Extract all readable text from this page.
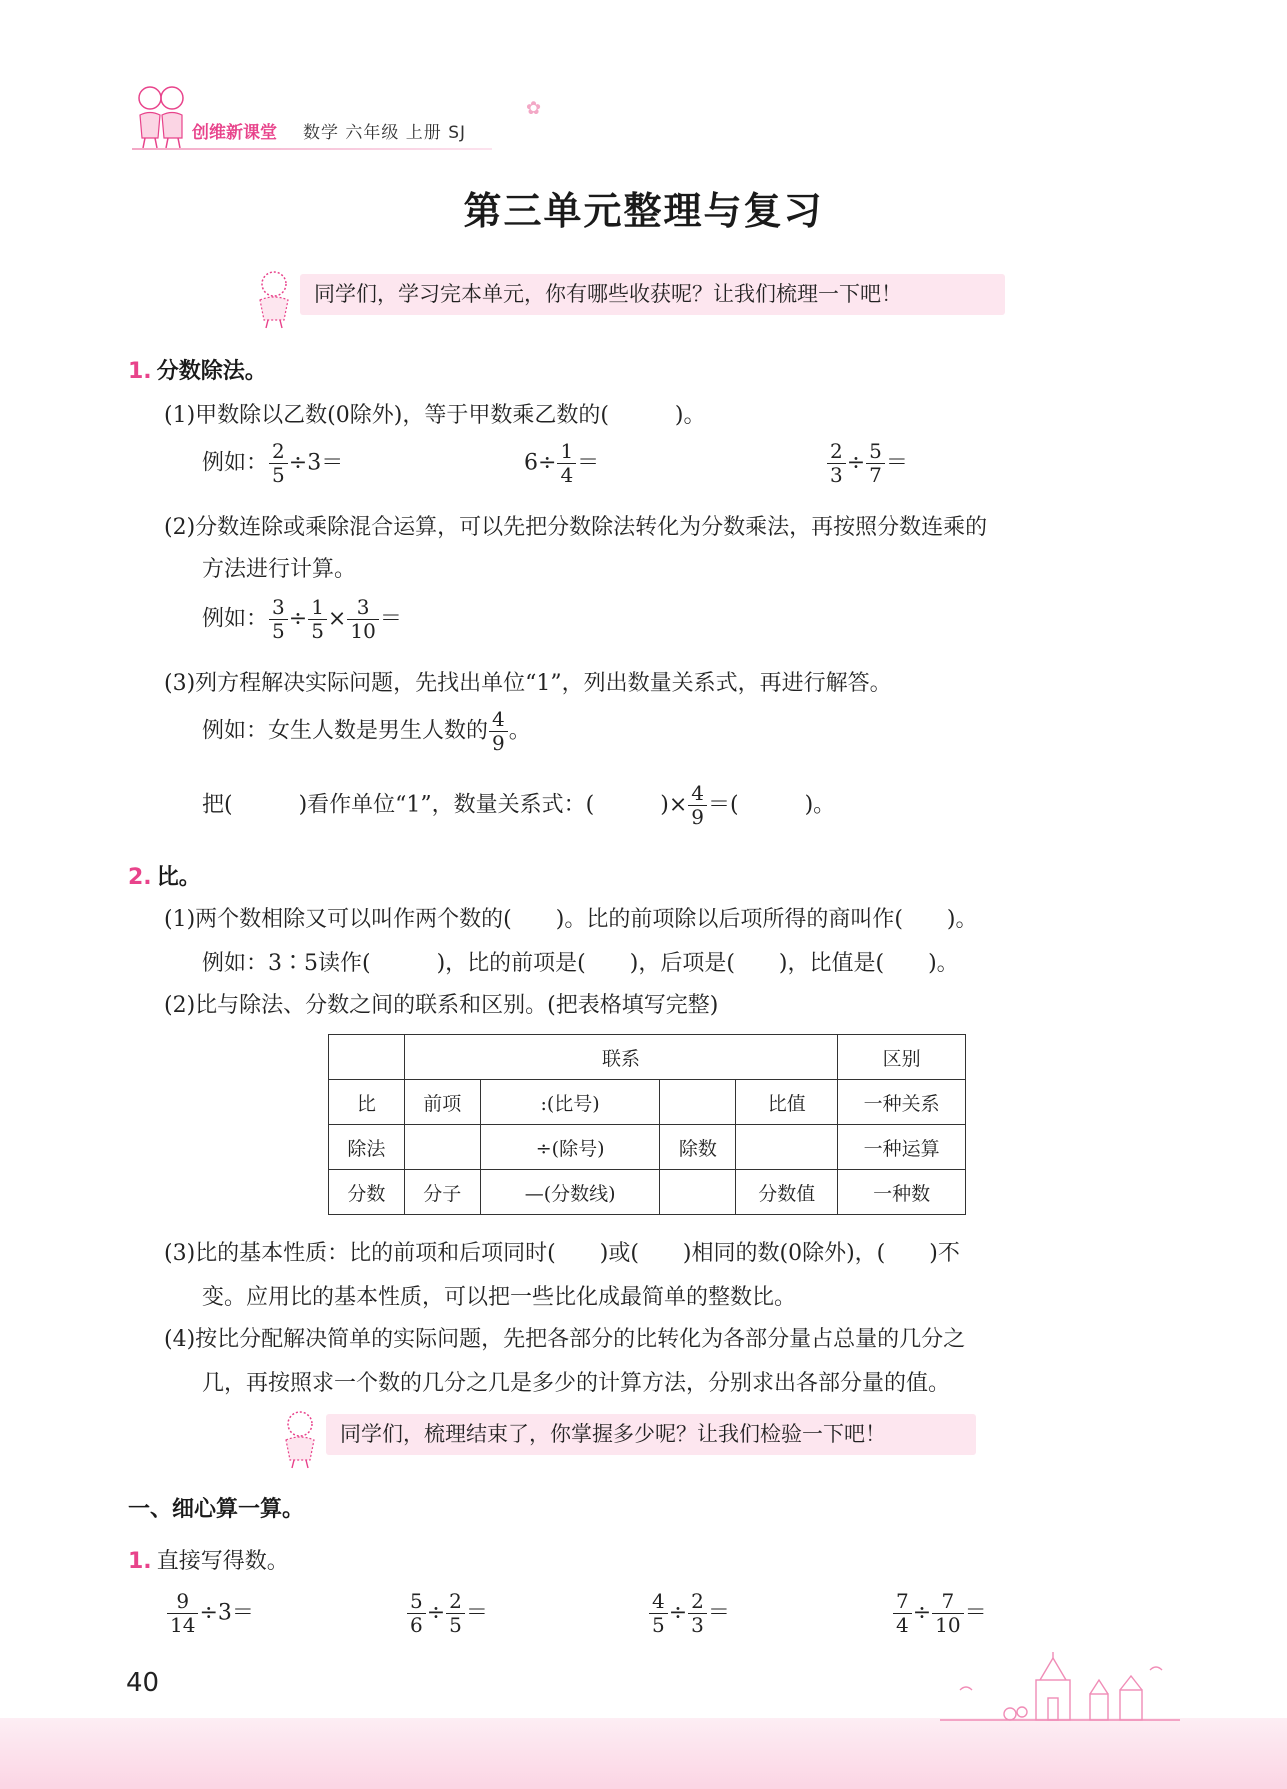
创维新课堂 数学 六年级 上册 SJ
✿
第三单元整理与复习
同学们，学习完本单元，你有哪些收获呢？让我们梳理一下吧！
1. 分数除法。
(1)甲数除以乙数(0除外)，等于甲数乘乙数的(　　　)。
例如： $\frac{2}{5} \div 3=$	$6\div \frac{1}{4}$ ＝	$\frac{2}{3} \div \frac{5}{7}$ ＝
(2)分数连除或乘除混合运算，可以先把分数除法转化为分数乘法，再按照分数连乘的
方法进行计算。
例如： $\frac{3}{5} \div \frac{1}{5} \times \frac{3}{10}$ ＝
(3)列方程解决实际问题，先找出单位“1”，列出数量关系式，再进行解答。
例如：女生人数是男生人数的 $\frac{4}{9}$ 。
把(　　　)看作单位“1”，数量关系式：(　　　)× $\frac{4}{9}$ ＝(　　　)。
2. 比。
(1)两个数相除又可以叫作两个数的(　　)。比的前项除以后项所得的商叫作(　　)。
例如：3∶5读作(　　　)，比的前项是(　　)，后项是(　　)，比值是(　　)。
(2)比与除法、分数之间的联系和区别。(把表格填写完整)
	联系				区别
比	前项	:(比号)		比值	一种关系
除法		÷(除号)	除数		一种运算
分数	分子	—(分数线)		分数值	一种数
(3)比的基本性质：比的前项和后项同时(　　)或(　　)相同的数(0除外)，(　　)不
变。应用比的基本性质，可以把一些比化成最简单的整数比。
(4)按比分配解决简单的实际问题，先把各部分的比转化为各部分量占总量的几分之
几，再按照求一个数的几分之几是多少的计算方法，分别求出各部分量的值。
同学们，梳理结束了，你掌握多少呢？让我们检验一下吧！
一、细心算一算。
1. 直接写得数。
$\frac{9}{14} \div 3=$	$\frac{5}{6} \div \frac{2}{5}$ ＝	$\frac{4}{5} \div \frac{2}{3}$ ＝	$\frac{7}{4} \div \frac{7}{10}$ ＝
40
